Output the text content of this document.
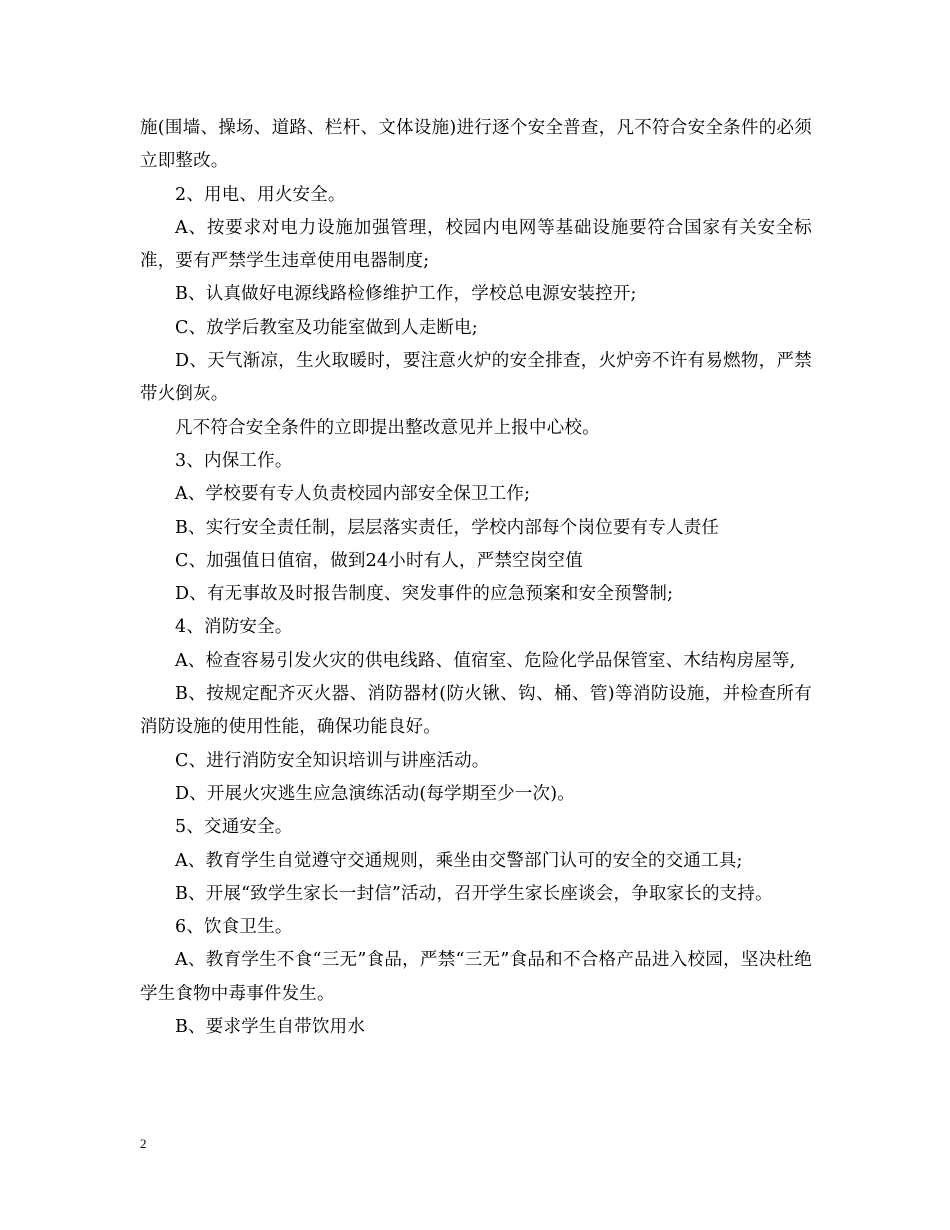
施(围墙、操场、道路、栏杆、文体设施)进行逐个安全普查，凡不符合安全条件的必须立即整改。

2、用电、用火安全。

A、按要求对电力设施加强管理，校园内电网等基础设施要符合国家有关安全标准，要有严禁学生违章使用电器制度;

B、认真做好电源线路检修维护工作，学校总电源安装控开;

C、放学后教室及功能室做到人走断电;

D、天气渐凉，生火取暖时，要注意火炉的安全排查，火炉旁不许有易燃物，严禁带火倒灰。

凡不符合安全条件的立即提出整改意见并上报中心校。

3、内保工作。

A、学校要有专人负责校园内部安全保卫工作;

B、实行安全责任制，层层落实责任，学校内部每个岗位要有专人责任

C、加强值日值宿，做到24小时有人，严禁空岗空值

D、有无事故及时报告制度、突发事件的应急预案和安全预警制;

4、消防安全。

A、检查容易引发火灾的供电线路、值宿室、危险化学品保管室、木结构房屋等,

B、按规定配齐灭火器、消防器材(防火锹、钩、桶、管)等消防设施，并检查所有消防设施的使用性能，确保功能良好。

C、进行消防安全知识培训与讲座活动。

D、开展火灾逃生应急演练活动(每学期至少一次)。

5、交通安全。

A、教育学生自觉遵守交通规则，乘坐由交警部门认可的安全的交通工具;

B、开展“致学生家长一封信”活动，召开学生家长座谈会，争取家长的支持。

6、饮食卫生。

A、教育学生不食“三无”食品，严禁“三无”食品和不合格产品进入校园，坚决杜绝学生食物中毒事件发生。

B、要求学生自带饮用水

2
